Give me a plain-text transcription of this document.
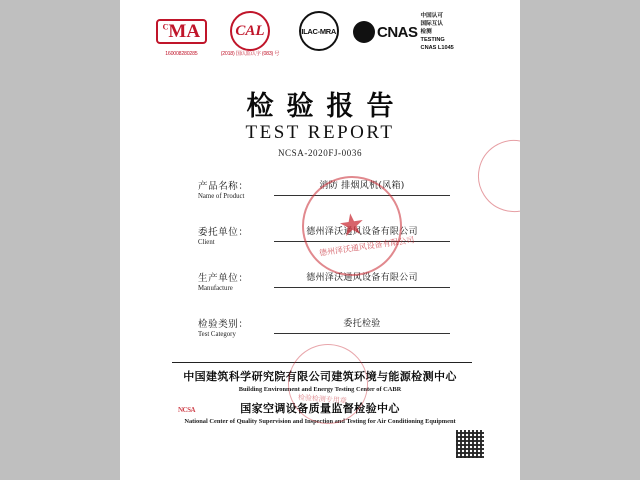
$^C$MA
160008280285
CAL
(2018) 国认监认字 (083) 号
ILAC-MRA	CNAS
中国认可
国际互认
检测
TESTING
CNAS L1045
检验报告
TEST REPORT
NCSA-2020FJ-0036
产品名称：
Name of Product
消防 排烟风机(风箱)
委托单位：
Client
德州泽沃通风设备有限公司
生产单位：
Manufacture
德州泽沃通风设备有限公司
检验类别：
Test Category
委托检验
中国建筑科学研究院有限公司建筑环境与能源检测中心
Building Environment and Energy Testing Center of CABR
国家空调设备质量监督检验中心
National Center of Quality Supervision and Inspection and Testing for Air Conditioning Equipment
★
德州泽沃通风设备有限公司
检验检测专用章
NCSA
